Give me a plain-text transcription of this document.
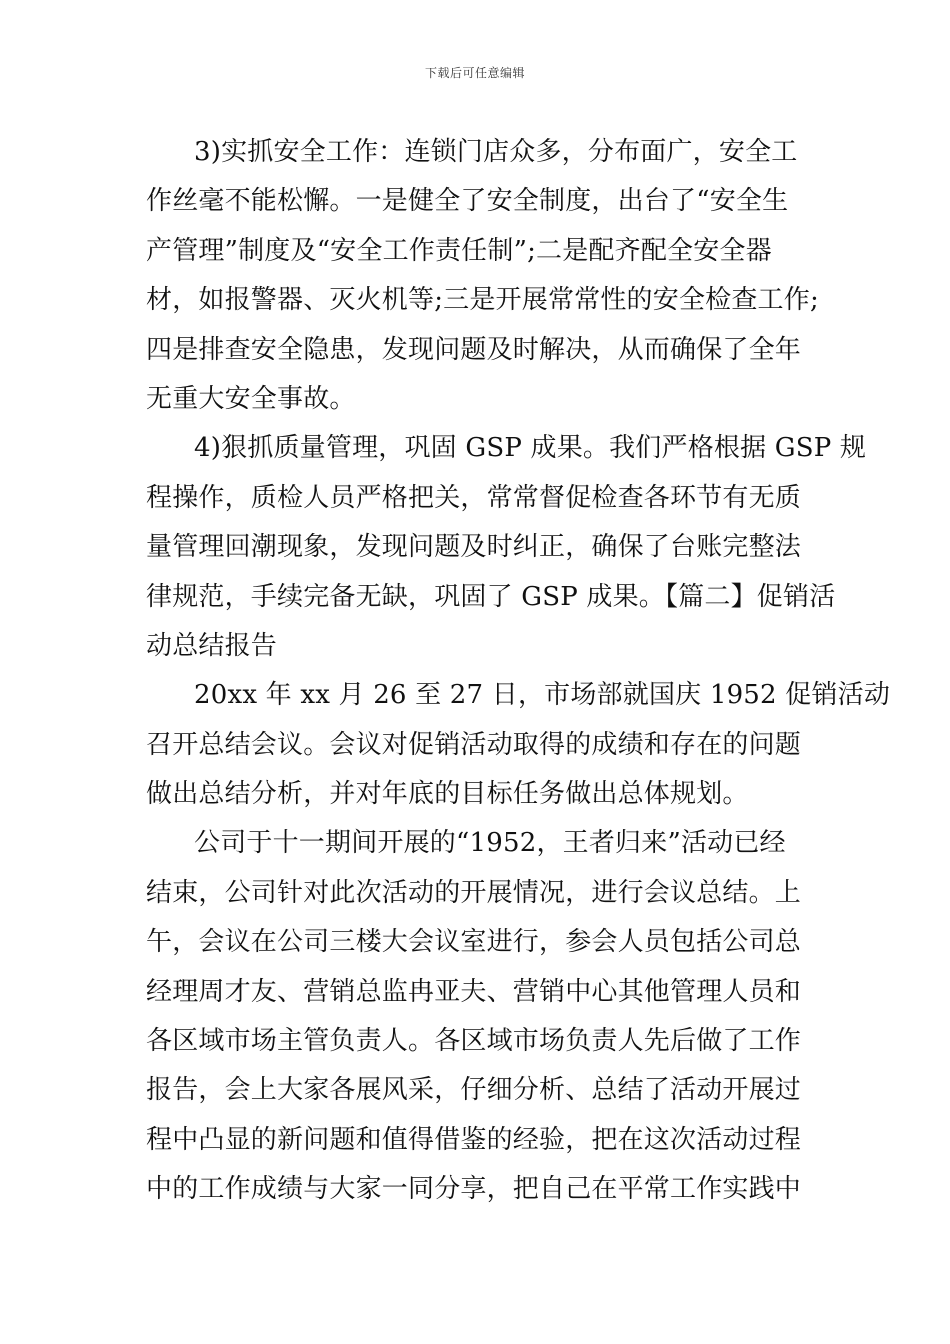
下载后可任意编辑
3)实抓安全工作：连锁门店众多，分布面广，安全工
作丝毫不能松懈。一是健全了安全制度，出台了“安全生
产管理”制度及“安全工作责任制”;二是配齐配全安全器
材，如报警器、灭火机等;三是开展常常性的安全检查工作;
四是排查安全隐患，发现问题及时解决，从而确保了全年
无重大安全事故。
4)狠抓质量管理，巩固 GSP 成果。我们严格根据 GSP 规
程操作，质检人员严格把关，常常督促检查各环节有无质
量管理回潮现象，发现问题及时纠正，确保了台账完整法
律规范，手续完备无缺，巩固了 GSP 成果。【篇二】促销活
动总结报告
20xx 年 xx 月 26 至 27 日，市场部就国庆 1952 促销活动
召开总结会议。会议对促销活动取得的成绩和存在的问题
做出总结分析，并对年底的目标任务做出总体规划。
公司于十一期间开展的“1952，王者归来”活动已经
结束，公司针对此次活动的开展情况，进行会议总结。上
午，会议在公司三楼大会议室进行，参会人员包括公司总
经理周才友、营销总监冉亚夫、营销中心其他管理人员和
各区域市场主管负责人。各区域市场负责人先后做了工作
报告，会上大家各展风采，仔细分析、总结了活动开展过
程中凸显的新问题和值得借鉴的经验，把在这次活动过程
中的工作成绩与大家一同分享，把自己在平常工作实践中
